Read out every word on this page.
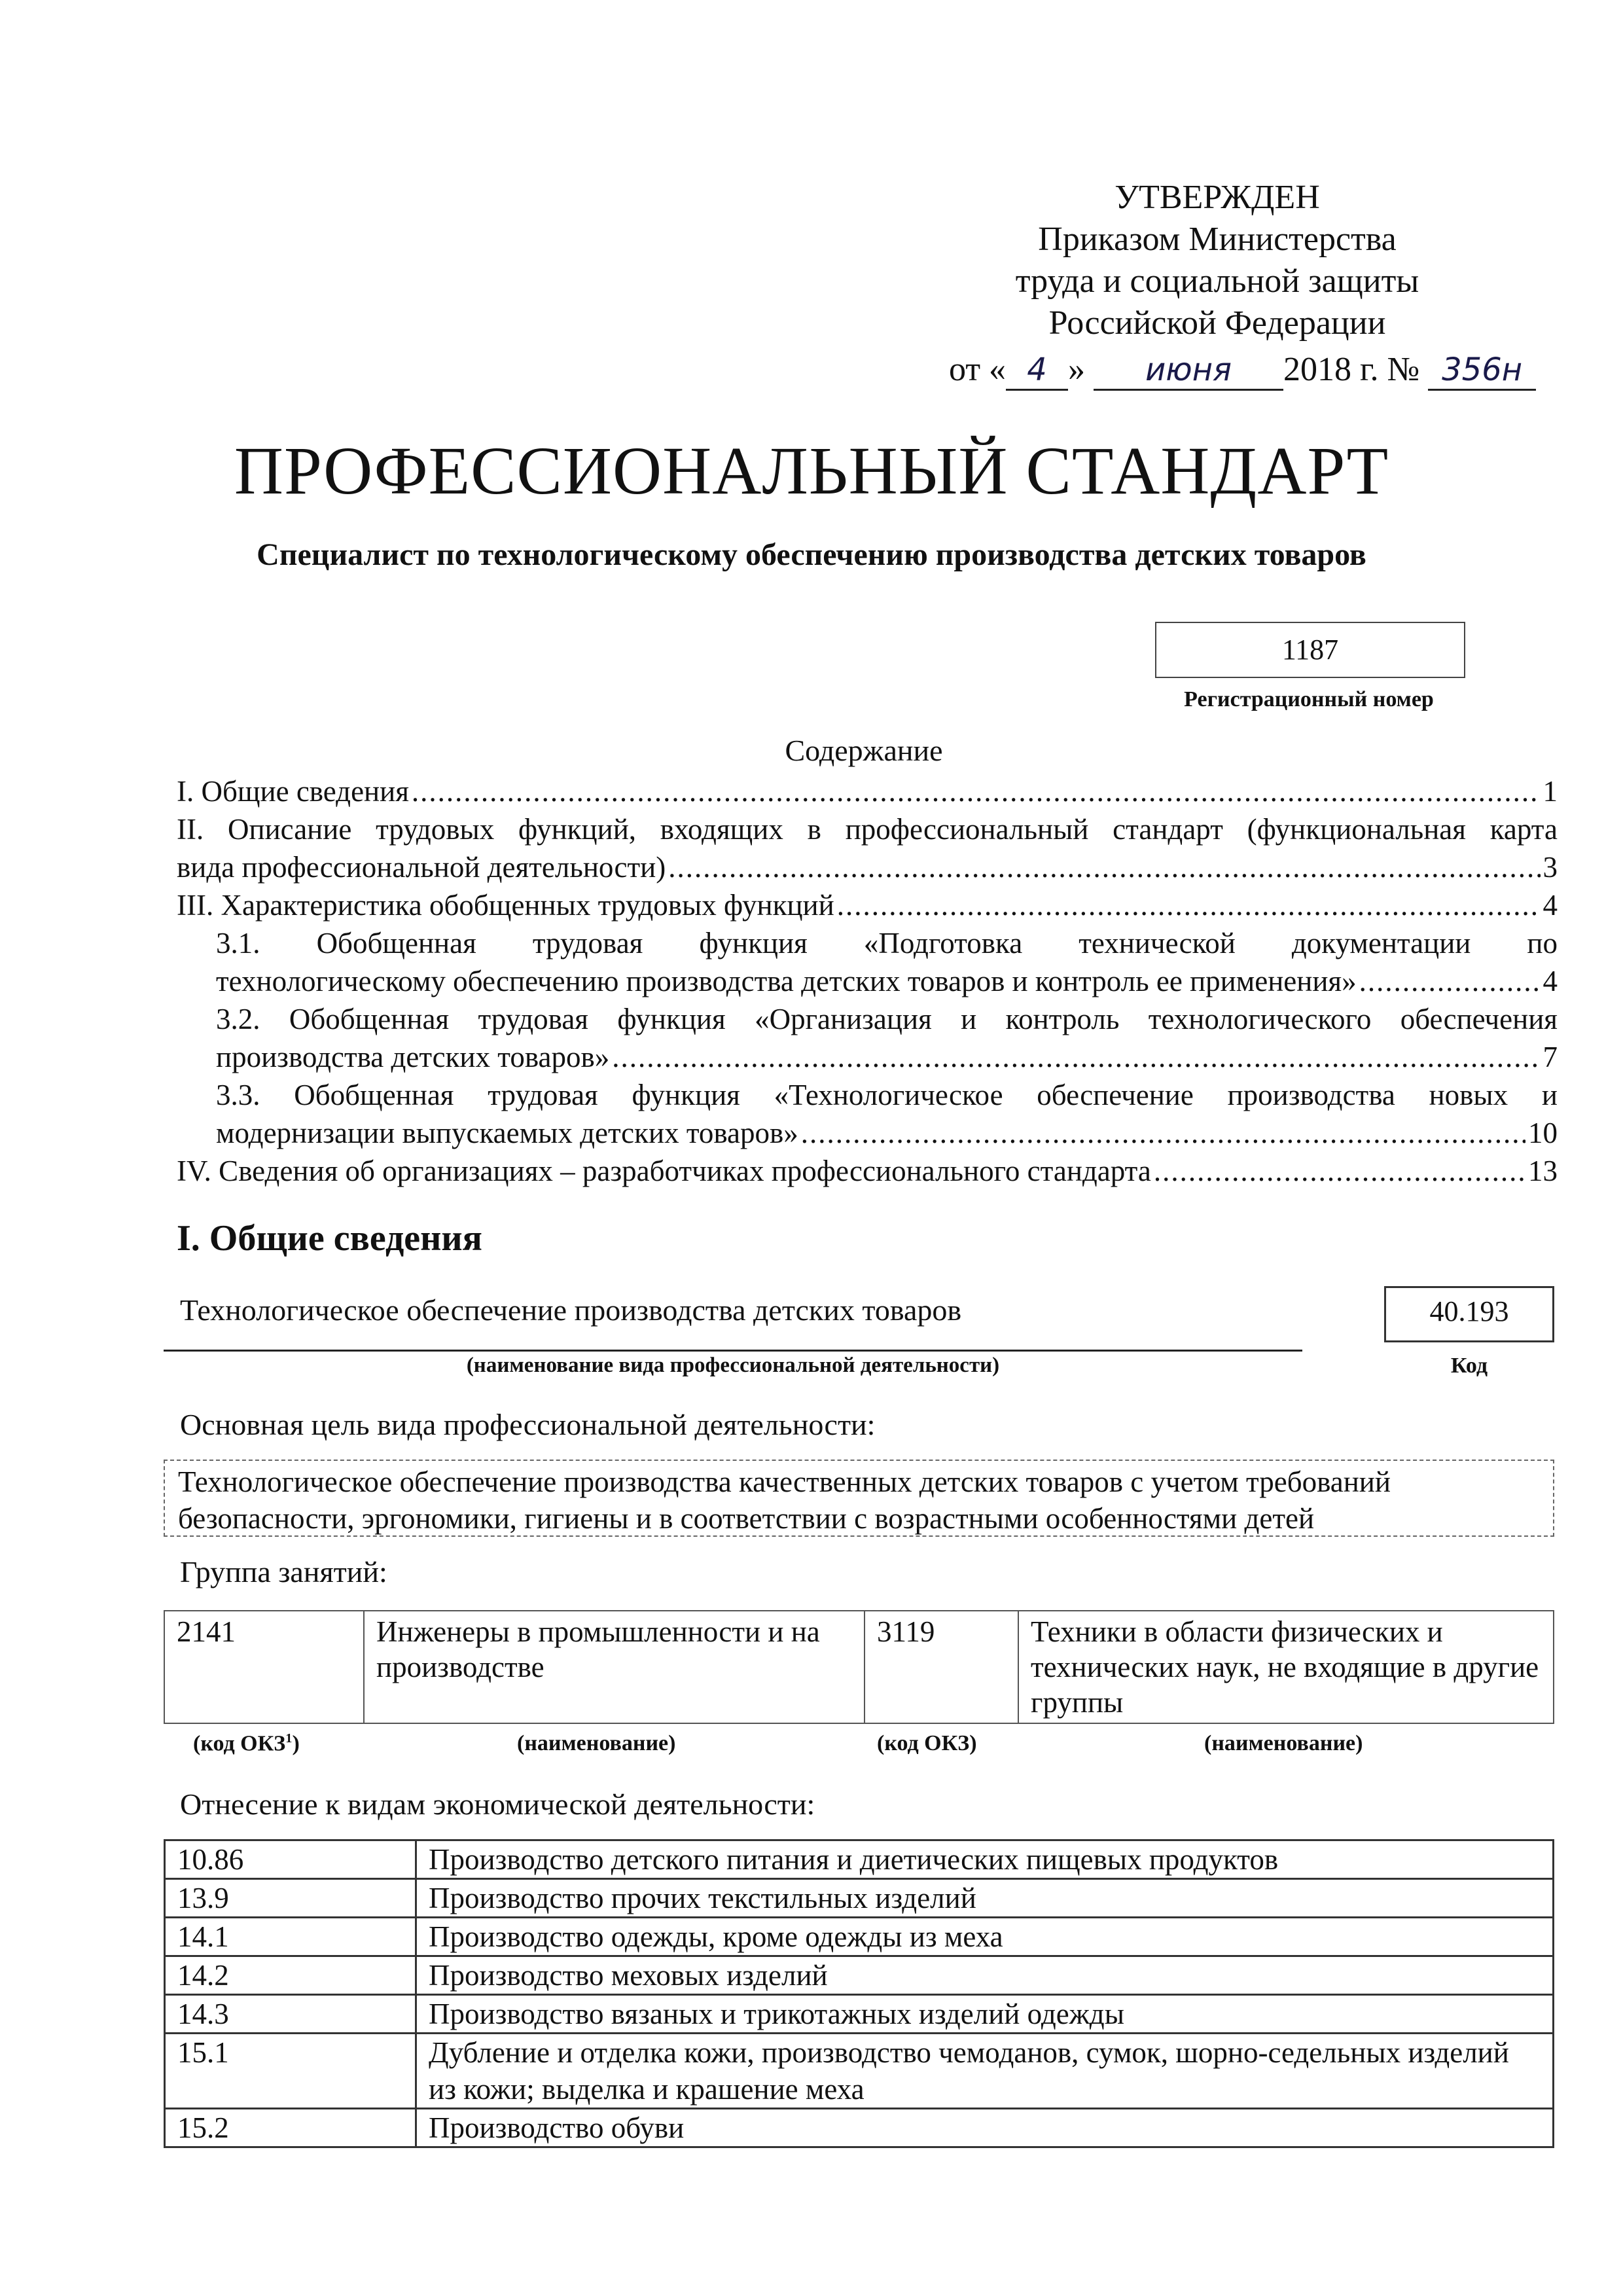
УТВЕРЖДЕН
Приказом Министерства
труда и социальной защиты
Российской Федерации
от « 4 » июня 2018 г. № 356н
ПРОФЕССИОНАЛЬНЫЙ СТАНДАРТ
Специалист по технологическому обеспечению производства детских товаров
1187
Регистрационный номер
Содержание
I. Общие сведения .....	1
II. Описание трудовых функций, входящих в профессиональный стандарт (функциональная карта
вида профессиональной деятельности) .....	3
III. Характеристика обобщенных трудовых функций .....	4
3.1. Обобщенная трудовая функция «Подготовка технической документации по
технологическому обеспечению производства детских товаров и контроль ее применения» .....	4
3.2. Обобщенная трудовая функция «Организация и контроль технологического обеспечения
производства детских товаров» .....	7
3.3. Обобщенная трудовая функция «Технологическое обеспечение производства новых и
модернизации выпускаемых детских товаров» .....	10
IV. Сведения об организациях – разработчиках профессионального стандарта .....	13
I. Общие сведения
Технологическое обеспечение производства детских товаров
(наименование вида профессиональной деятельности)
40.193
Код
Основная цель вида профессиональной деятельности:
Технологическое обеспечение производства качественных детских товаров с учетом требований
безопасности, эргономики, гигиены и в соответствии с возрастными особенностями детей
Группа занятий:
2141	Инженеры в промышленности и на производстве	3119	Техники в области физических и технических наук, не входящие в другие группы
(код ОКЗ$^1$)	(наименование)	(код ОКЗ)	(наименование)
Отнесение к видам экономической деятельности:
10.86	Производство детского питания и диетических пищевых продуктов
13.9	Производство прочих текстильных изделий
14.1	Производство одежды, кроме одежды из меха
14.2	Производство меховых изделий
14.3	Производство вязаных и трикотажных изделий одежды
15.1	Дубление и отделка кожи, производство чемоданов, сумок, шорно-седельных изделий из кожи; выделка и крашение меха
15.2	Производство обуви
